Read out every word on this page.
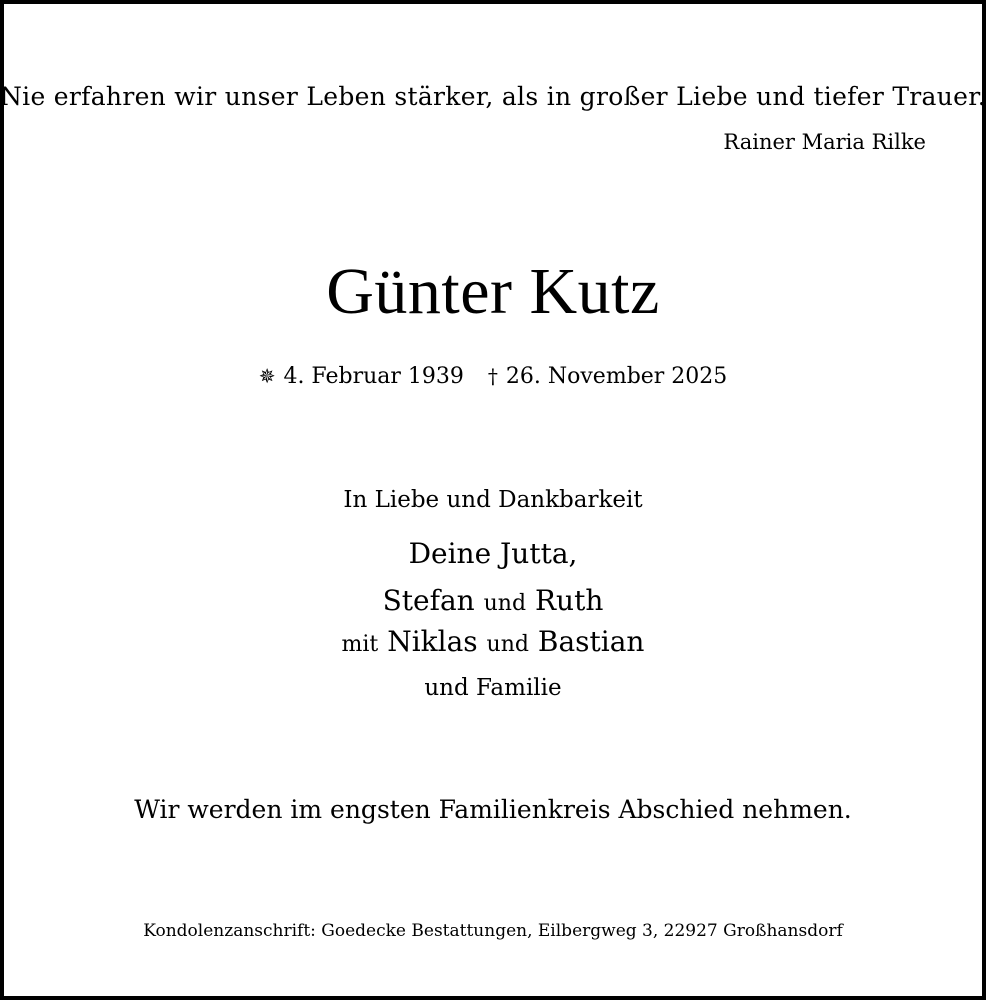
Nie erfahren wir unser Leben stärker, als in großer Liebe und tiefer Trauer.
Rainer Maria Rilke
Günter Kutz
✵ 4. Februar 1939 † 26. November 2025
In Liebe und Dankbarkeit
Deine Jutta,
Stefan und Ruth
mit Niklas und Bastian
und Familie
Wir werden im engsten Familienkreis Abschied nehmen.
Kondolenzanschrift: Goedecke Bestattungen, Eilbergweg 3, 22927 Großhansdorf
